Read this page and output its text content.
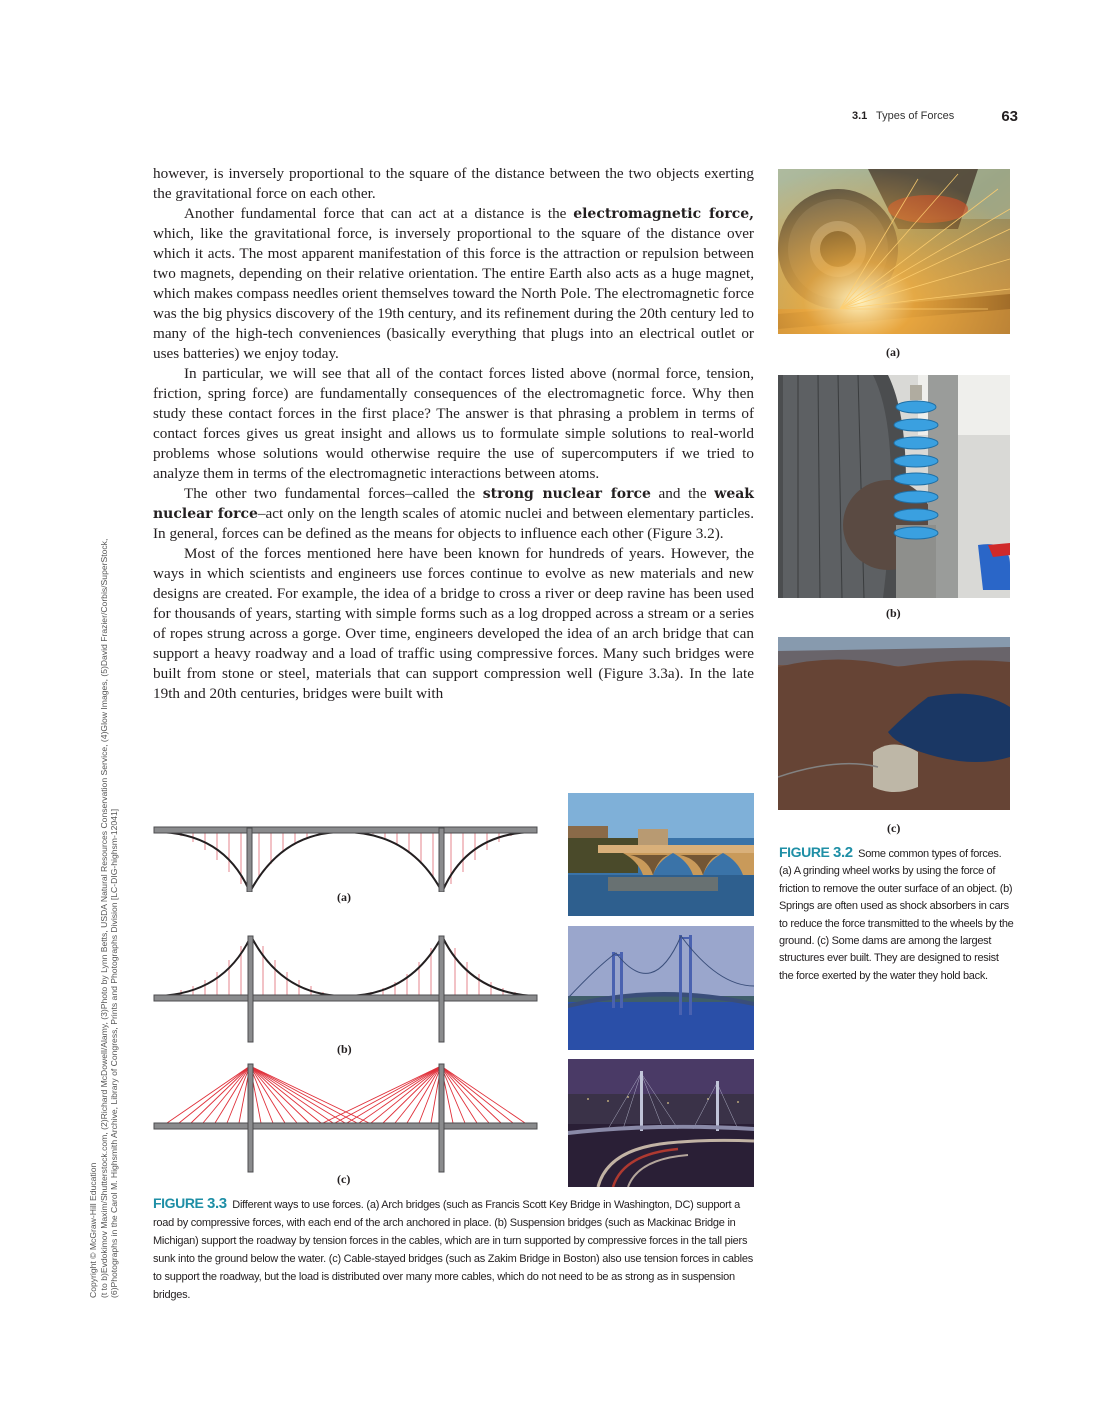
3.1 Types of Forces	63

however, is inversely proportional to the square of the distance between the two objects exerting the gravitational force on each other.

Another fundamental force that can act at a distance is the electromagnetic force, which, like the gravitational force, is inversely proportional to the square of the distance over which it acts. The most apparent manifestation of this force is the attraction or repulsion between two magnets, depending on their relative orientation. The entire Earth also acts as a huge magnet, which makes compass needles orient themselves toward the North Pole. The electromagnetic force was the big physics discovery of the 19th century, and its refinement during the 20th century led to many of the high-tech conveniences (basically everything that plugs into an electrical outlet or uses batteries) we enjoy today.

In particular, we will see that all of the contact forces listed above (normal force, tension, friction, spring force) are fundamentally consequences of the electromagnetic force. Why then study these contact forces in the first place? The answer is that phrasing a problem in terms of contact forces gives us great insight and allows us to formulate simple solutions to real-world problems whose solutions would otherwise require the use of supercomputers if we tried to analyze them in terms of the electromagnetic interactions between atoms.

The other two fundamental forces–called the strong nuclear force and the weak nuclear force–act only on the length scales of atomic nuclei and between elementary particles. In general, forces can be defined as the means for objects to influence each other (Figure 3.2).

Most of the forces mentioned here have been known for hundreds of years. However, the ways in which scientists and engineers use forces continue to evolve as new materials and new designs are created. For example, the idea of a bridge to cross a river or deep ravine has been used for thousands of years, starting with simple forms such as a log dropped across a stream or a series of ropes strung across a gorge. Over time, engineers developed the idea of an arch bridge that can support a heavy roadway and a load of traffic using compressive forces. Many such bridges were built from stone or steel, materials that can support compression well (Figure 3.3a). In the late 19th and 20th centuries, bridges were built with

(a)
(b)
(c)
FIGURE 3.2 Some common types of forces. (a) A grinding wheel works by using the force of friction to remove the outer surface of an object. (b) Springs are often used as shock absorbers in cars to reduce the force transmitted to the wheels by the ground. (c) Some dams are among the largest structures ever built. They are designed to resist the force exerted by the water they hold back.
(a)
(b)
(c)
FIGURE 3.3 Different ways to use forces. (a) Arch bridges (such as Francis Scott Key Bridge in Washington, DC) support a road by compressive forces, with each end of the arch anchored in place. (b) Suspension bridges (such as Mackinac Bridge in Michigan) support the roadway by tension forces in the cables, which are in turn supported by compressive forces in the tall piers sunk into the ground below the water. (c) Cable-stayed bridges (such as Zakim Bridge in Boston) also use tension forces in cables to support the roadway, but the load is distributed over many more cables, which do not need to be as strong as in suspension bridges.
Copyright © McGraw-Hill Education (t to b)Evdokimov Maxim/Shutterstock.com, (2)Richard McDowell/Alamy, (3)Photo by Lynn Betts, USDA Natural Resources Conservation Service, (4)Glow Images, (5)David Frazier/Corbis/SuperStock, (6)Photographs in the Carol M. Highsmith Archive, Library of Congress, Prints and Photographs Division [LC-DIG-highsm-12041]
